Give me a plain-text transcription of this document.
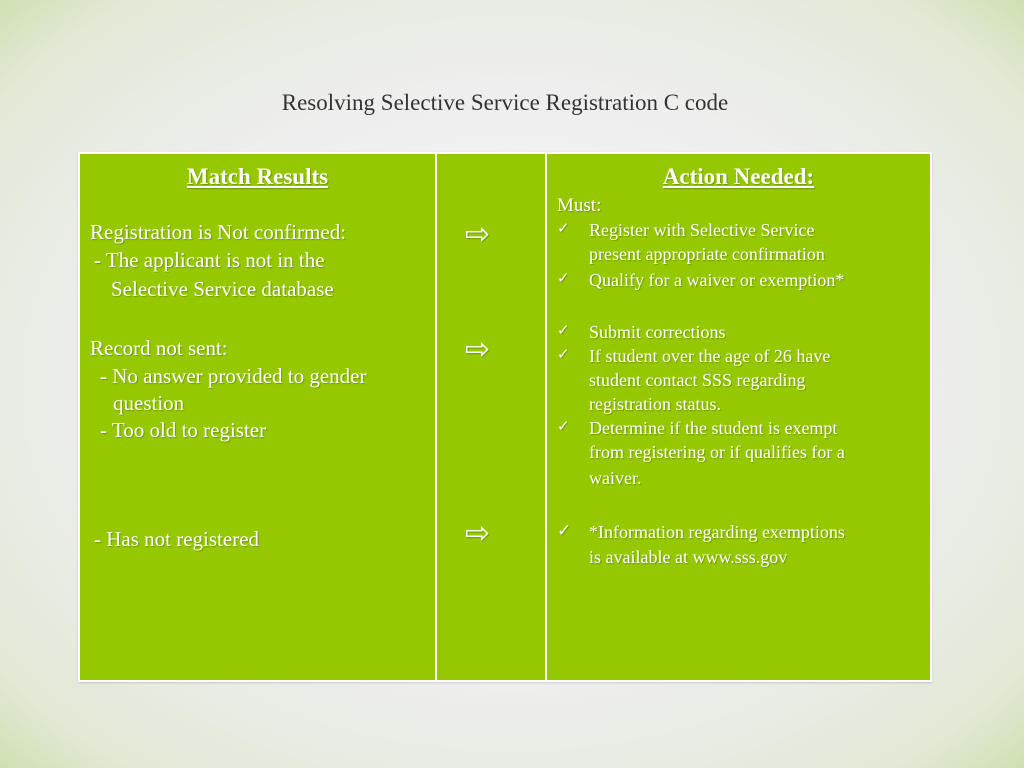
Resolving Selective Service Registration C code
Match Results
Registration is Not confirmed:
- The applicant is not in the
Selective Service database
Record not sent:
- No answer provided to gender
question
- Too old to register
- Has not registered
⇨
⇨
⇨
Action Needed:
Must:
✓ Register with Selective Service
present appropriate confirmation
✓ Qualify for a waiver or exemption*
✓ Submit corrections
✓ If student over the age of 26 have
student contact SSS regarding
registration status.
✓ Determine if the student is exempt
from registering or if qualifies for a
waiver.
✓ *Information regarding exemptions
is available at www.sss.gov
